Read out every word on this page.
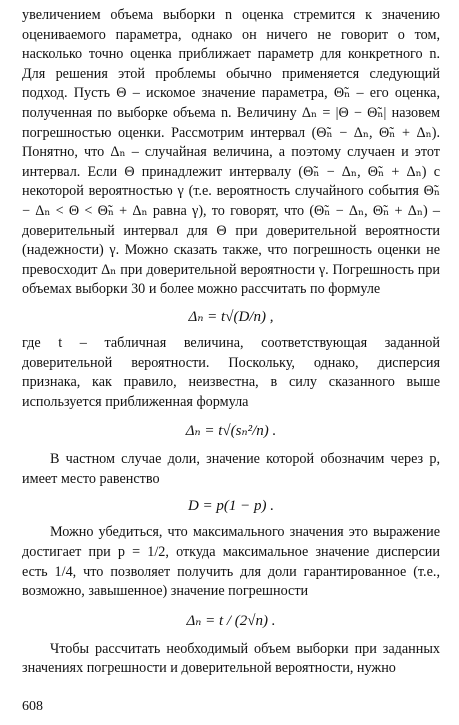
увеличением объема выборки n оценка стремится к значению оцениваемого параметра, однако он ничего не говорит о том, насколько точно оценка приближает параметр для конкретного n. Для решения этой проблемы обычно применяется следующий подход. Пусть Θ – искомое значение параметра, Θ̃ₙ – его оценка, полученная по выборке объема n. Величину Δₙ = |Θ − Θ̃ₙ| назовем погрешностью оценки. Рассмотрим интервал (Θ̃ₙ − Δₙ, Θ̃ₙ + Δₙ). Понятно, что Δₙ – случайная величина, а поэтому случаен и этот интервал. Если Θ принадлежит интервалу (Θ̃ₙ − Δₙ, Θ̃ₙ + Δₙ) с некоторой вероятностью γ (т.е. вероятность случайного события Θ̃ₙ − Δₙ < Θ < Θ̃ₙ + Δₙ равна γ), то говорят, что (Θ̃ₙ − Δₙ, Θ̃ₙ + Δₙ) – доверительный интервал для Θ при доверительной вероятности (надежности) γ. Можно сказать также, что погрешность оценки не превосходит Δₙ при доверительной вероятности γ. Погрешность при объемах выборки 30 и более можно рассчитать по формуле

Δₙ = t√(D/n) ,

где t – табличная величина, соответствующая заданной доверительной вероятности. Поскольку, однако, дисперсия признака, как правило, неизвестна, в силу сказанного выше используется приближенная формула

Δₙ = t√(sₙ²/n) .

В частном случае доли, значение которой обозначим через p, имеет место равенство

D = p(1 − p) .

Можно убедиться, что максимального значения это выражение достигает при p = 1/2, откуда максимальное значение дисперсии есть 1/4, что позволяет получить для доли гарантированное (т.е., возможно, завышенное) значение погрешности

Δₙ = t / (2√n) .

Чтобы рассчитать необходимый объем выборки при заданных значениях погрешности и доверительной вероятности, нужно

608
